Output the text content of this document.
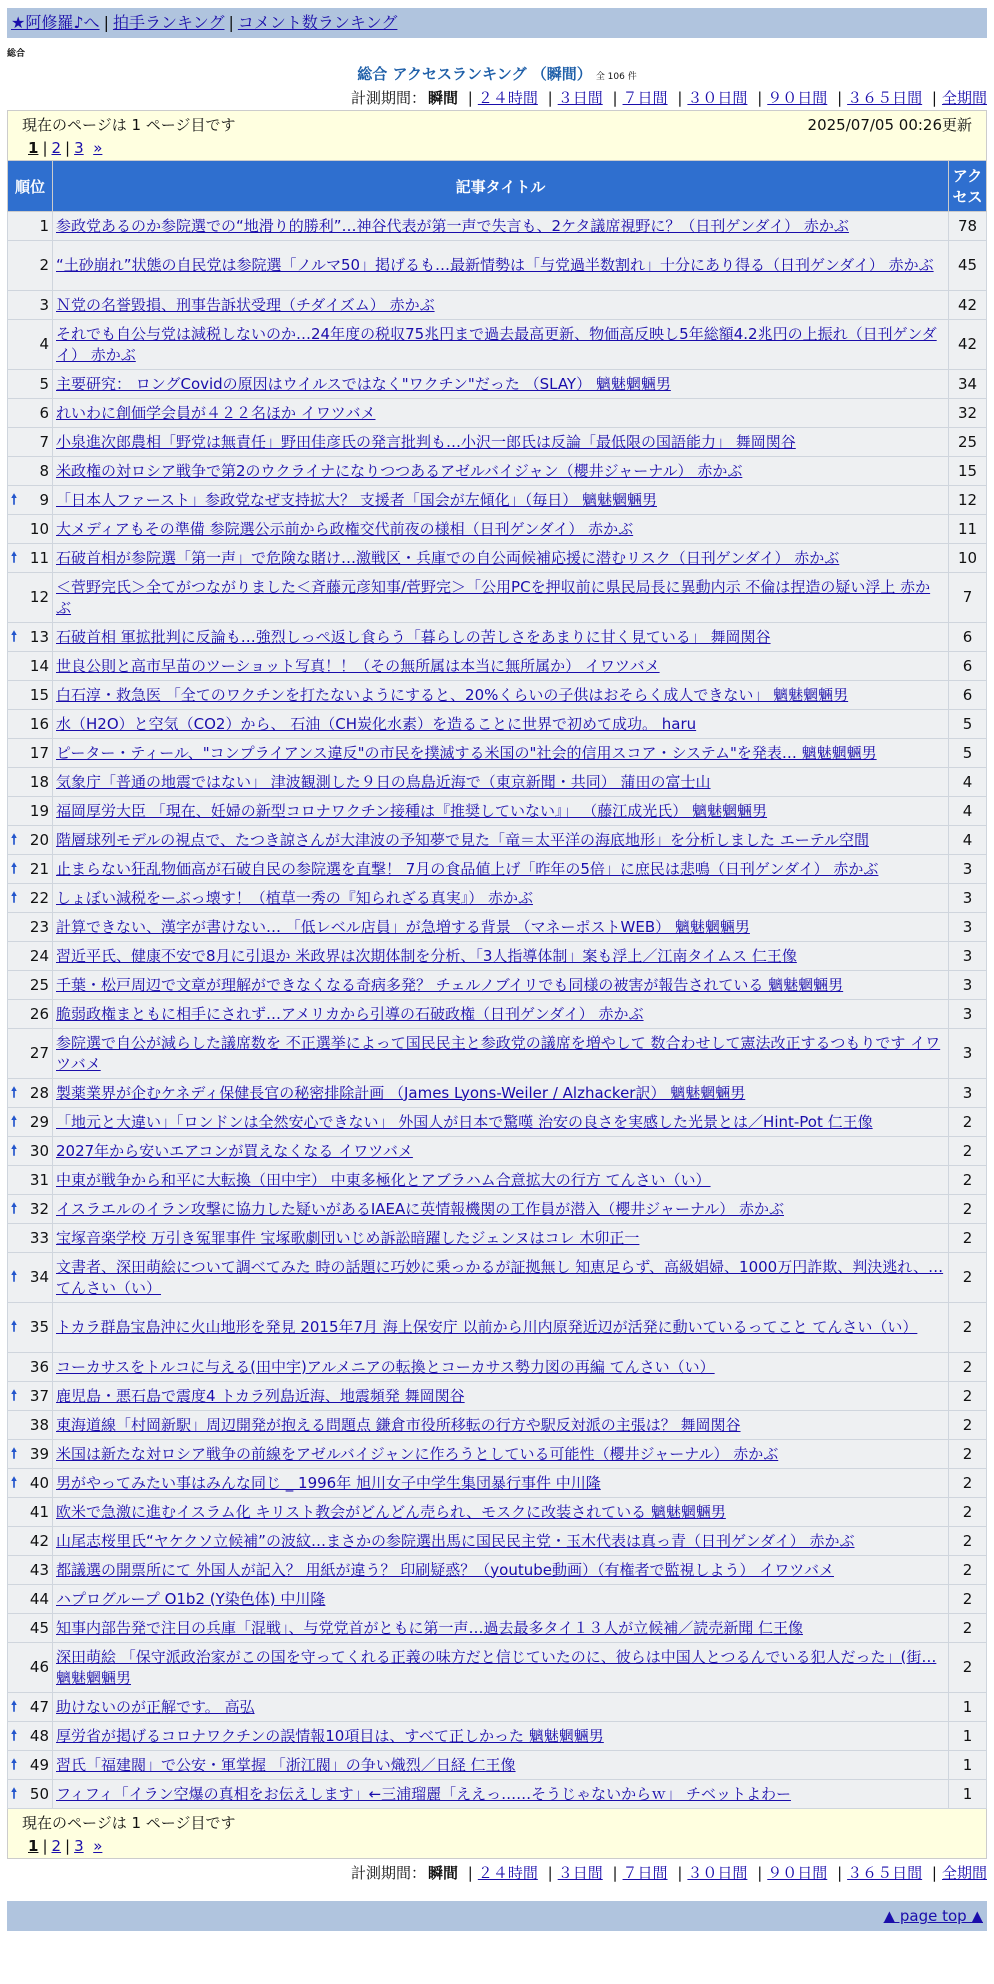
★阿修羅♪へ | 拍手ランキング | コメント数ランキング
総合
総合 アクセスランキング （瞬間） 全 106 件
計測期間： 瞬間 | ２４時間 | ３日間 | ７日間 | ３０日間 | ９０日間 | ３６５日間 | 全期間
現在のページは 1 ページ目です	2025/07/05 00:26更新
1 | 2 | 3 »
順位	記事タイトル	アクセス
1	参政党あるのか参院選での“地滑り的勝利”…神谷代表が第一声で失言も、2ケタ議席視野に？（日刊ゲンダイ） 赤かぶ	78
2	“土砂崩れ”状態の自民党は参院選「ノルマ50」掲げるも…最新情勢は「与党過半数割れ」十分にあり得る（日刊ゲンダイ） 赤かぶ	45
3	Ｎ党の名誉毀損、刑事告訴状受理（チダイズム） 赤かぶ	42
4	それでも自公与党は減税しないのか…24年度の税収75兆円まで過去最高更新、物価高反映し5年総額4.2兆円の上振れ（日刊ゲンダイ） 赤かぶ	42
5	主要研究： ロングCovidの原因はウイルスではなく"ワクチン"だった （SLAY） 魑魅魍魎男	34
6	れいわに創価学会員が４２２名ほか イワツバメ	32
7	小泉進次郎農相「野党は無責任」野田佳彦氏の発言批判も…小沢一郎氏は反論「最低限の国語能力」 舞岡関谷	25
8	米政権の対ロシア戦争で第2のウクライナになりつつあるアゼルバイジャン（櫻井ジャーナル） 赤かぶ	15

🠕 9	「日本人ファースト」参政党なぜ支持拡大？ 支援者「国会が左傾化」（毎日） 魑魅魍魎男	12
10	大メディアもその準備 参院選公示前から政権交代前夜の様相（日刊ゲンダイ） 赤かぶ	11

🠕 11	石破首相が参院選「第一声」で危険な賭け…激戦区・兵庫での自公両候補応援に潜むリスク（日刊ゲンダイ） 赤かぶ	10
12	＜菅野完氏＞全てがつながりました＜斉藤元彦知事/菅野完＞「公用PCを押収前に県民局長に異動内示 不倫は捏造の疑い浮上 赤かぶ	7

🠕 13	石破首相 軍拡批判に反論も…強烈しっぺ返し食らう「暮らしの苦しさをあまりに甘く見ている」 舞岡関谷	6
14	世良公則と高市早苗のツーショット写真！！（その無所属は本当に無所属か） イワツバメ	6
15	白石淳・救急医 「全てのワクチンを打たないようにすると、20%くらいの子供はおそらく成人できない」 魑魅魍魎男	6
16	水（H2O）と空気（CO2）から、 石油（CH炭化水素）を造ることに世界で初めて成功。 haru	5
17	ピーター・ティール、"コンプライアンス違反"の市民を撲滅する米国の"社会的信用スコア・システム"を発表… 魑魅魍魎男	5
18	気象庁「普通の地震ではない」 津波観測した９日の鳥島近海で（東京新聞・共同） 蒲田の富士山	4
19	福岡厚労大臣 「現在、妊婦の新型コロナワクチン接種は『推奨していない』」 （藤江成光氏） 魑魅魍魎男	4

🠕 20	階層球列モデルの視点で、たつき諒さんが大津波の予知夢で見た「竜＝太平洋の海底地形」を分析しました エーテル空間	4

🠕 21	止まらない狂乱物価高が石破自民の参院選を直撃！ 7月の食品値上げ「昨年の5倍」に庶民は悲鳴（日刊ゲンダイ） 赤かぶ	3

🠕 22	しょぼい減税をーぶっ壊す！（植草一秀の『知られざる真実』） 赤かぶ	3
23	計算できない、漢字が書けない… 「低レベル店員」が急増する背景 （マネーポストWEB） 魑魅魍魎男	3
24	習近平氏、健康不安で8月に引退か 米政界は次期体制を分析、「3人指導体制」案も浮上／江南タイムス 仁王像	3
25	千葉・松戸周辺で文章が理解ができなくなる奇病多発？ チェルノブイリでも同様の被害が報告されている 魑魅魍魎男	3
26	脆弱政権まともに相手にされず…アメリカから引導の石破政権（日刊ゲンダイ） 赤かぶ	3
27	参院選で自公が減らした議席数を 不正選挙によって国民民主と参政党の議席を増やして 数合わせして憲法改正するつもりです イワツバメ	3

🠕 28	製薬業界が企むケネディ保健長官の秘密排除計画 （James Lyons-Weiler / Alzhacker訳） 魑魅魍魎男	3

🠕 29	「地元と大違い」「ロンドンは全然安心できない」 外国人が日本で驚嘆 治安の良さを実感した光景とは／Hint-Pot 仁王像	2

🠕 30	2027年から安いエアコンが買えなくなる イワツバメ	2
31	中東が戦争から和平に大転換（田中宇） 中東多極化とアブラハム合意拡大の行方 てんさい（い）	2

🠕 32	イスラエルのイラン攻撃に協力した疑いがあるIAEAに英情報機関の工作員が潜入（櫻井ジャーナル） 赤かぶ	2
33	宝塚音楽学校 万引き冤罪事件 宝塚歌劇団いじめ訴訟暗躍したジェンヌはコレ 木卯正一	2

🠕 34	文書者、深田萌絵について調べてみた 時の話題に巧妙に乗っかるが証拠無し 知恵足らず、高級娼婦、1000万円詐欺、判決逃れ、… てんさい（い）	2

🠕 35	トカラ群島宝島沖に火山地形を発見 2015年7月 海上保安庁 以前から川内原発近辺が活発に動いているってこと てんさい（い）	2
36	コーカサスをトルコに与える(田中宇)アルメニアの転換とコーカサス勢力図の再編 てんさい（い）	2

🠕 37	鹿児島・悪石島で震度4 トカラ列島近海、地震頻発 舞岡関谷	2
38	東海道線「村岡新駅」周辺開発が抱える問題点 鎌倉市役所移転の行方や駅反対派の主張は？ 舞岡関谷	2

🠕 39	米国は新たな対ロシア戦争の前線をアゼルバイジャンに作ろうとしている可能性（櫻井ジャーナル） 赤かぶ	2

🠕 40	男がやってみたい事はみんな同じ _ 1996年 旭川女子中学生集団暴行事件 中川隆	2
41	欧米で急激に進むイスラム化 キリスト教会がどんどん売られ、モスクに改装されている 魑魅魍魎男	2
42	山尾志桜里氏“ヤケクソ立候補”の波紋…まさかの参院選出馬に国民民主党・玉木代表は真っ青（日刊ゲンダイ） 赤かぶ	2
43	都議選の開票所にて 外国人が記入？ 用紙が違う？ 印刷疑惑？（youtube動画）（有権者で監視しよう） イワツバメ	2
44	ハプログループ O1b2 (Y染色体) 中川隆	2
45	知事内部告発で注目の兵庫「混戦」、与党党首がともに第一声…過去最多タイ１３人が立候補／読売新聞 仁王像	2
46	深田萌絵 「保守派政治家がこの国を守ってくれる正義の味方だと信じていたのに、彼らは中国人とつるんでいる犯人だった」(街… 魑魅魍魎男	2

🠕 47	助けないのが正解です。 高弘	1

🠕 48	厚労省が掲げるコロナワクチンの誤情報10項目は、すべて正しかった 魑魅魍魎男	1

🠕 49	習氏「福建閥」で公安・軍掌握 「浙江閥」の争い熾烈／日経 仁王像	1

🠕 50	フィフィ「イラン空爆の真相をお伝えします」←三浦瑠麗「ええっ……そうじゃないからｗ」 チベットよわー	1
現在のページは 1 ページ目です
1 | 2 | 3 »
計測期間： 瞬間 | ２４時間 | ３日間 | ７日間 | ３０日間 | ９０日間 | ３６５日間 | 全期間
▲ page top ▲
